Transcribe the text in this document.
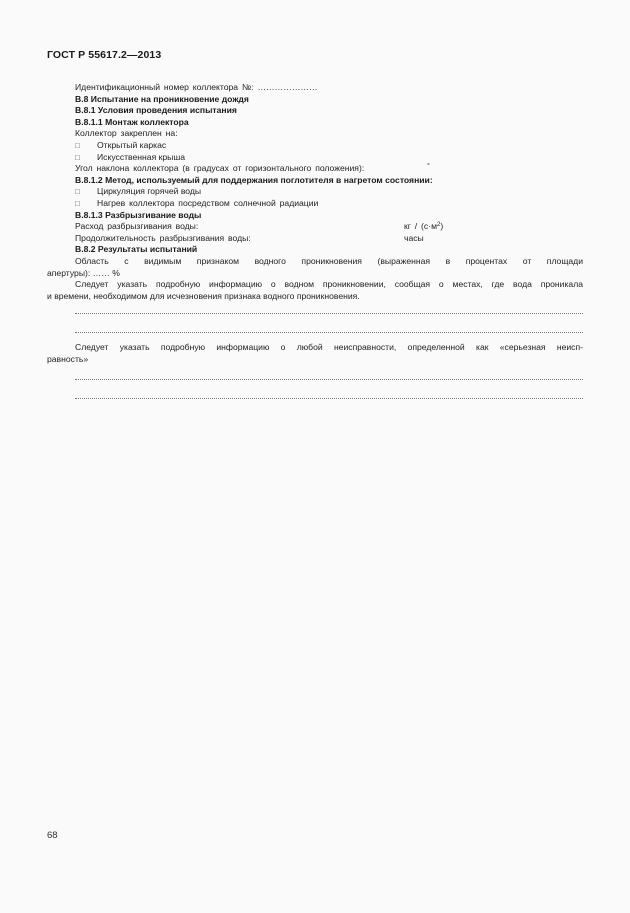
ГОСТ Р 55617.2—2013
Идентификационный номер коллектора №: …………………
B.8 Испытание на проникновение дождя
B.8.1 Условия проведения испытания
B.8.1.1 Монтаж коллектора
Коллектор закреплен на:
□ Открытый каркас
□ Искусственная крыша
Угол наклона коллектора (в градусах от горизонтального положения):	°
B.8.1.2 Метод, используемый для поддержания поглотителя в нагретом состоянии:
□ Циркуляция горячей воды
□ Нагрев коллектора посредством солнечной радиации
B.8.1.3 Разбрызгивание воды
Расход разбрызгивания воды:	кг / $(с\cdot м^2)$
Продолжительность разбрызгивания воды:	часы
B.8.2 Результаты испытаний
Область с видимым признаком водного проникновения (выраженная в процентах от площади
апертуры): …… %
Следует указать подробную информацию о водном проникновении, сообщая о местах, где вода проникала
и времени, необходимом для исчезновения признака водного проникновения.
Следует указать подробную информацию о любой неисправности, определенной как «серьезная неисп-
равность»
68
